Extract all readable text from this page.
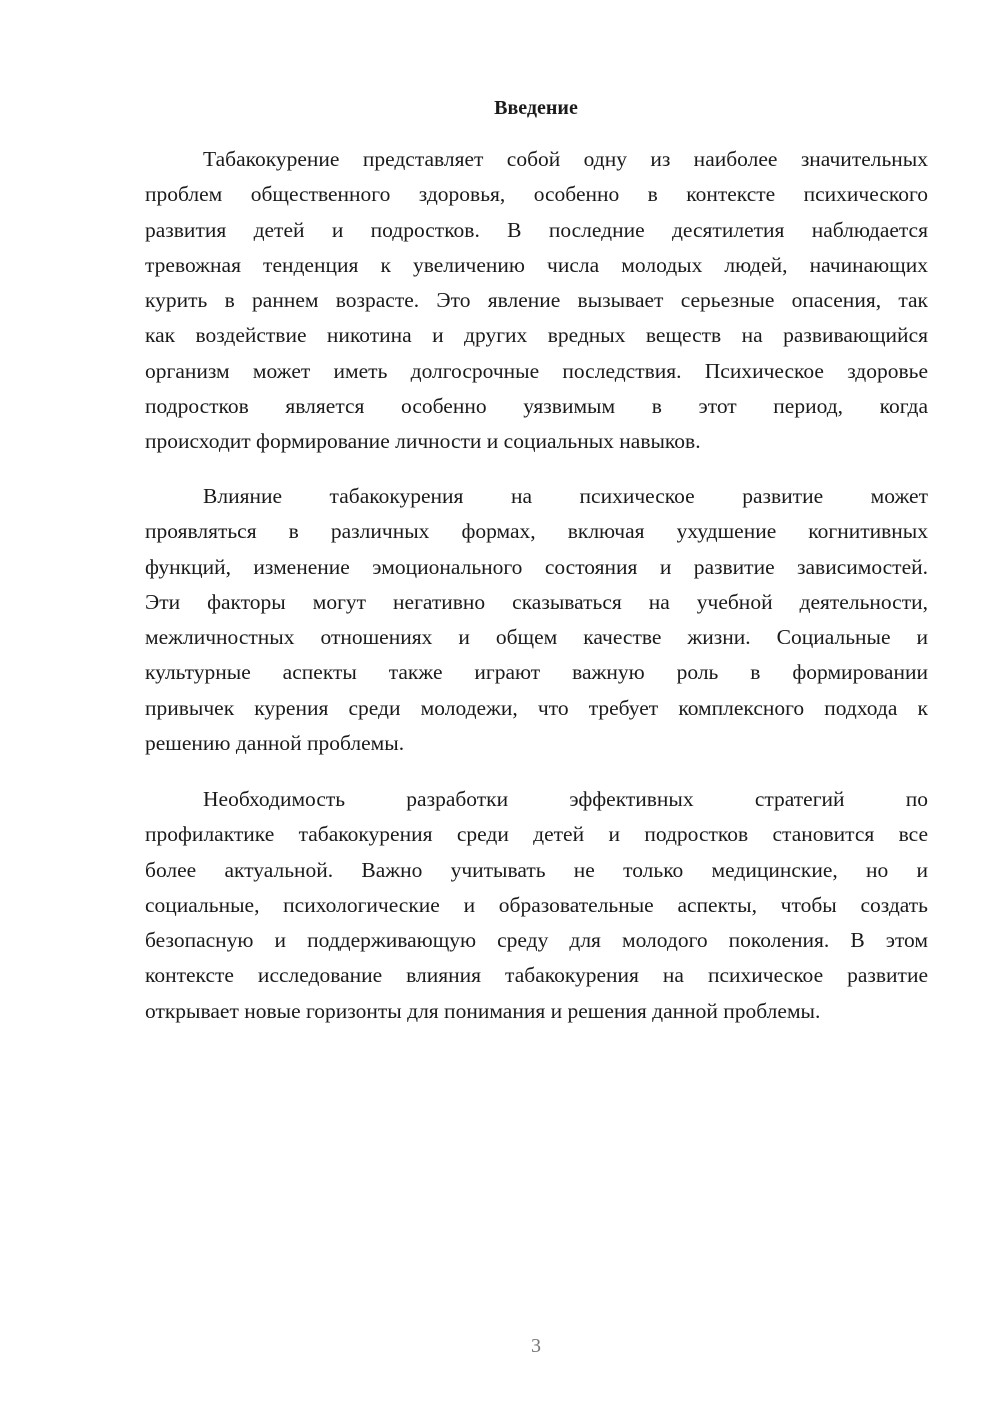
Введение
Табакокурение представляет собой одну из наиболее значительных
проблем общественного здоровья, особенно в контексте психического
развития детей и подростков. В последние десятилетия наблюдается
тревожная тенденция к увеличению числа молодых людей, начинающих
курить в раннем возрасте. Это явление вызывает серьезные опасения, так
как воздействие никотина и других вредных веществ на развивающийся
организм может иметь долгосрочные последствия. Психическое здоровье
подростков является особенно уязвимым в этот период, когда
происходит формирование личности и социальных навыков.
Влияние табакокурения на психическое развитие может
проявляться в различных формах, включая ухудшение когнитивных
функций, изменение эмоционального состояния и развитие зависимостей.
Эти факторы могут негативно сказываться на учебной деятельности,
межличностных отношениях и общем качестве жизни. Социальные и
культурные аспекты также играют важную роль в формировании
привычек курения среди молодежи, что требует комплексного подхода к
решению данной проблемы.
Необходимость разработки эффективных стратегий по
профилактике табакокурения среди детей и подростков становится все
более актуальной. Важно учитывать не только медицинские, но и
социальные, психологические и образовательные аспекты, чтобы создать
безопасную и поддерживающую среду для молодого поколения. В этом
контексте исследование влияния табакокурения на психическое развитие
открывает новые горизонты для понимания и решения данной проблемы.
3
